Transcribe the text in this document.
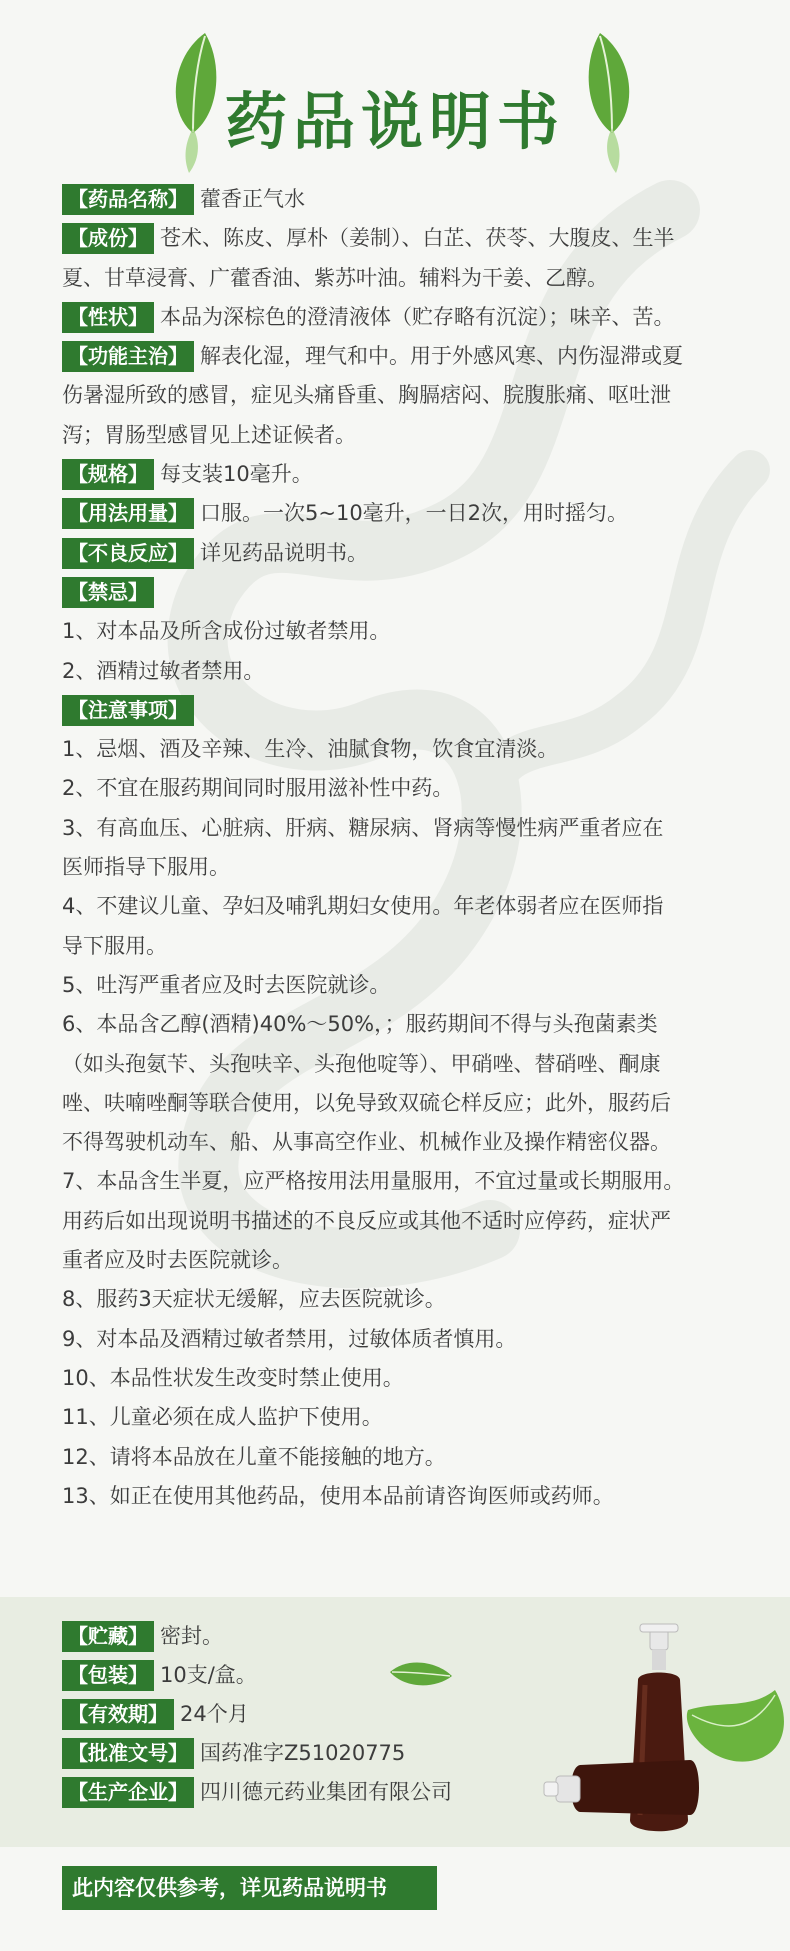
药品说明书
【药品名称】 藿香正气水
【成份】 苍术、陈皮、厚朴（姜制）、白芷、茯苓、大腹皮、生半
夏、甘草浸膏、广藿香油、紫苏叶油。辅料为干姜、乙醇。
【性状】 本品为深棕色的澄清液体（贮存略有沉淀）；味辛、苦。
【功能主治】 解表化湿，理气和中。用于外感风寒、内伤湿滞或夏
伤暑湿所致的感冒，症见头痛昏重、胸膈痞闷、脘腹胀痛、呕吐泄
泻；胃肠型感冒见上述证候者。
【规格】 每支装10毫升。
【用法用量】 口服。一次5~10毫升，一日2次，用时摇匀。
【不良反应】 详见药品说明书。
【禁忌】
1、对本品及所含成份过敏者禁用。
2、酒精过敏者禁用。
【注意事项】
1、忌烟、酒及辛辣、生冷、油腻食物，饮食宜清淡。
2、不宜在服药期间同时服用滋补性中药。
3、有高血压、心脏病、肝病、糖尿病、肾病等慢性病严重者应在
医师指导下服用。
4、不建议儿童、孕妇及哺乳期妇女使用。年老体弱者应在医师指
导下服用。
5、吐泻严重者应及时去医院就诊。
6、本品含乙醇(酒精)40%～50%，；服药期间不得与头孢菌素类
（如头孢氨苄、头孢呋辛、头孢他啶等）、甲硝唑、替硝唑、酮康
唑、呋喃唑酮等联合使用，以免导致双硫仑样反应；此外，服药后
不得驾驶机动车、船、从事高空作业、机械作业及操作精密仪器。
7、本品含生半夏，应严格按用法用量服用，不宜过量或长期服用。
用药后如出现说明书描述的不良反应或其他不适时应停药，症状严
重者应及时去医院就诊。
8、服药3天症状无缓解，应去医院就诊。
9、对本品及酒精过敏者禁用，过敏体质者慎用。
10、本品性状发生改变时禁止使用。
11、儿童必须在成人监护下使用。
12、请将本品放在儿童不能接触的地方。
13、如正在使用其他药品，使用本品前请咨询医师或药师。
【贮藏】 密封。
【包装】 10支/盒。
【有效期】 24个月
【批准文号】 国药准字Z51020775
【生产企业】 四川德元药业集团有限公司
此内容仅供参考，详见药品说明书
